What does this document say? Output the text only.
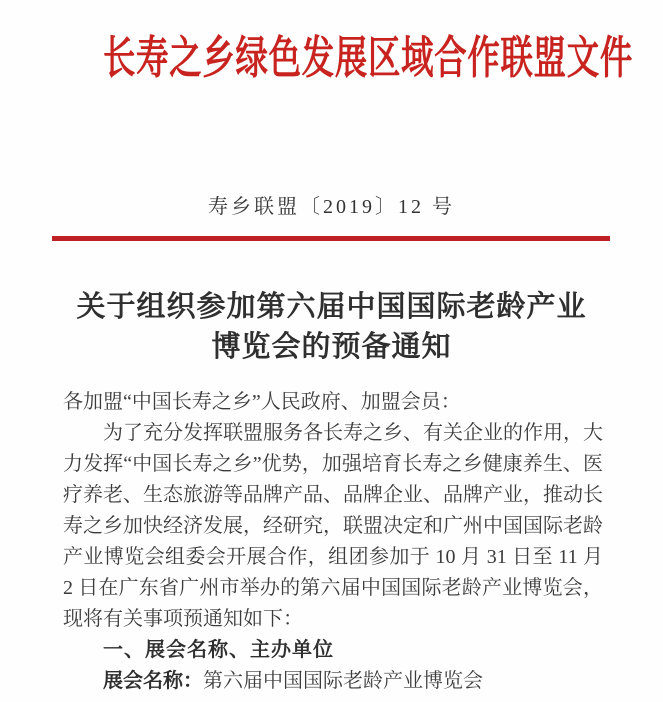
长寿之乡绿色发展区域合作联盟文件
寿乡联盟〔2019〕12 号
关于组织参加第六届中国国际老龄产业
博览会的预备通知
各加盟“中国长寿之乡”人民政府、加盟会员：
为了充分发挥联盟服务各长寿之乡、有关企业的作用，大力发挥“中国长寿之乡”优势，加强培育长寿之乡健康养生、医疗养老、生态旅游等品牌产品、品牌企业、品牌产业，推动长寿之乡加快经济发展，经研究，联盟决定和广州中国国际老龄产业博览会组委会开展合作，组团参加于 10 月 31 日至 11 月 2 日在广东省广州市举办的第六届中国国际老龄产业博览会，现将有关事项预通知如下：
一、展会名称、主办单位
展会名称：第六届中国国际老龄产业博览会
